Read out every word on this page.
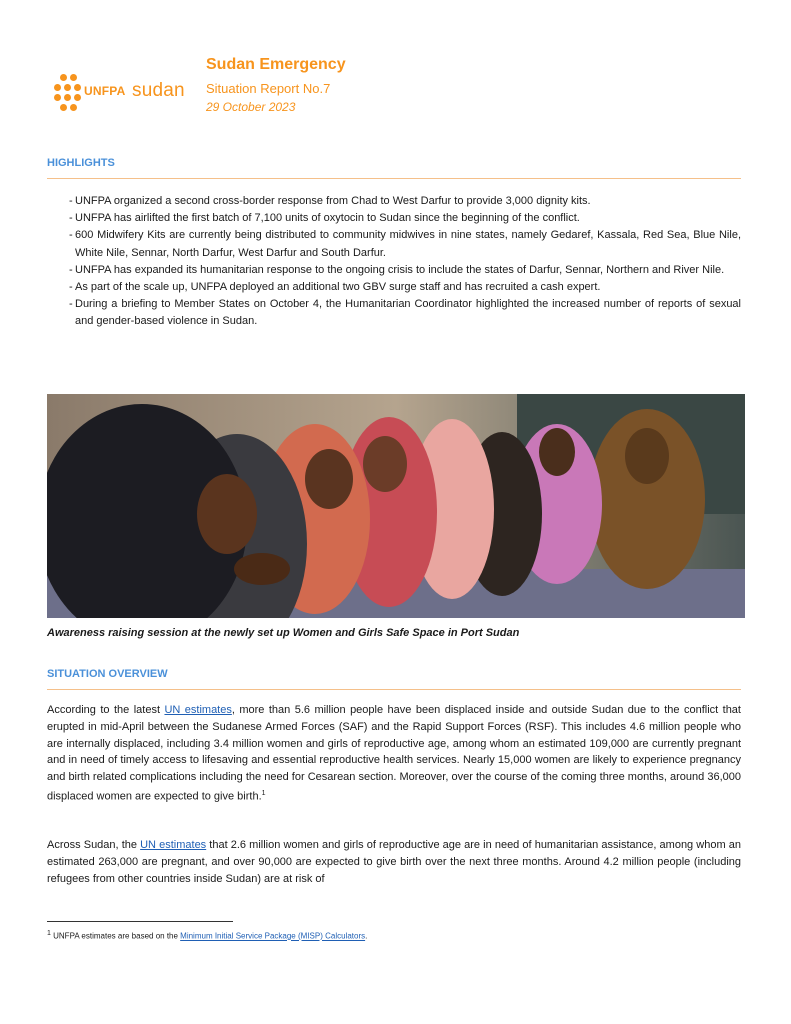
UNFPA sudan
Sudan Emergency
Situation Report No.7
29 October 2023
HIGHLIGHTS
- UNFPA organized a second cross-border response from Chad to West Darfur to provide 3,000 dignity kits.
- UNFPA has airlifted the first batch of 7,100 units of oxytocin to Sudan since the beginning of the conflict.
- 600 Midwifery Kits are currently being distributed to community midwives in nine states, namely Gedaref, Kassala, Red Sea, Blue Nile, White Nile, Sennar, North Darfur, West Darfur and South Darfur.
- UNFPA has expanded its humanitarian response to the ongoing crisis to include the states of Darfur, Sennar, Northern and River Nile.
- As part of the scale up, UNFPA deployed an additional two GBV surge staff and has recruited a cash expert.
- During a briefing to Member States on October 4, the Humanitarian Coordinator highlighted the increased number of reports of sexual and gender-based violence in Sudan.
Awareness raising session at the newly set up Women and Girls Safe Space in Port Sudan
SITUATION OVERVIEW

According to the latest UN estimates, more than 5.6 million people have been displaced inside and outside Sudan due to the conflict that erupted in mid-April between the Sudanese Armed Forces (SAF) and the Rapid Support Forces (RSF). This includes 4.6 million people who are internally displaced, including 3.4 million women and girls of reproductive age, among whom an estimated 109,000 are currently pregnant and in need of timely access to lifesaving and essential reproductive health services. Nearly 15,000 women are likely to experience pregnancy and birth related complications including the need for Cesarean section. Moreover, over the course of the coming three months, around 36,000 displaced women are expected to give birth.$^1$

Across Sudan, the UN estimates that 2.6 million women and girls of reproductive age are in need of humanitarian assistance, among whom an estimated 263,000 are pregnant, and over 90,000 are expected to give birth over the next three months. Around 4.2 million people (including refugees from other countries inside Sudan) are at risk of

$^1$ UNFPA estimates are based on the Minimum Initial Service Package (MISP) Calculators.
